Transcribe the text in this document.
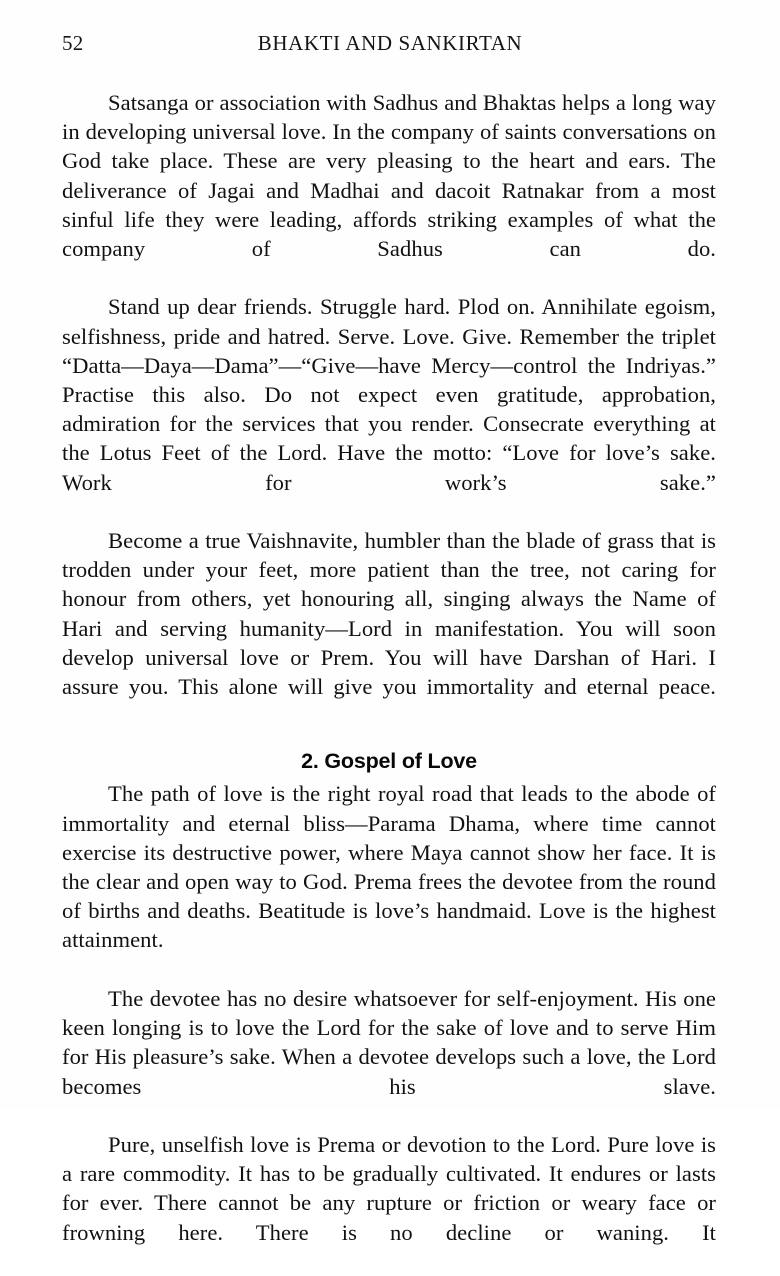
52	BHAKTI AND SANKIRTAN

Satsanga or association with Sadhus and Bhaktas helps a long way in developing universal love. In the company of saints conversations on God take place. These are very pleasing to the heart and ears. The deliverance of Jagai and Madhai and dacoit Ratnakar from a most sinful life they were leading, affords striking examples of what the company of Sadhus can do.

Stand up dear friends. Struggle hard. Plod on. Annihilate egoism, selfishness, pride and hatred. Serve. Love. Give. Remember the triplet “Datta—Daya—Dama”—“Give—have Mercy—control the Indriyas.” Practise this also. Do not expect even gratitude, approbation, admiration for the services that you render. Consecrate everything at the Lotus Feet of the Lord. Have the motto: “Love for love’s sake. Work for work’s sake.”

Become a true Vaishnavite, humbler than the blade of grass that is trodden under your feet, more patient than the tree, not caring for honour from others, yet honouring all, singing always the Name of Hari and serving humanity—Lord in manifestation. You will soon develop universal love or Prem. You will have Darshan of Hari. I assure you. This alone will give you immortality and eternal peace.

2. Gospel of Love

The path of love is the right royal road that leads to the abode of immortality and eternal bliss—Parama Dhama, where time cannot exercise its destructive power, where Maya cannot show her face. It is the clear and open way to God. Prema frees the devotee from the round of births and deaths. Beatitude is love’s handmaid. Love is the highest attainment.

The devotee has no desire whatsoever for self-enjoyment. His one keen longing is to love the Lord for the sake of love and to serve Him for His pleasure’s sake. When a devotee develops such a love, the Lord becomes his slave.

Pure, unselfish love is Prema or devotion to the Lord. Pure love is a rare commodity. It has to be gradually cultivated. It endures or lasts for ever. There cannot be any rupture or friction or weary face or frowning here. There is no decline or waning. It
